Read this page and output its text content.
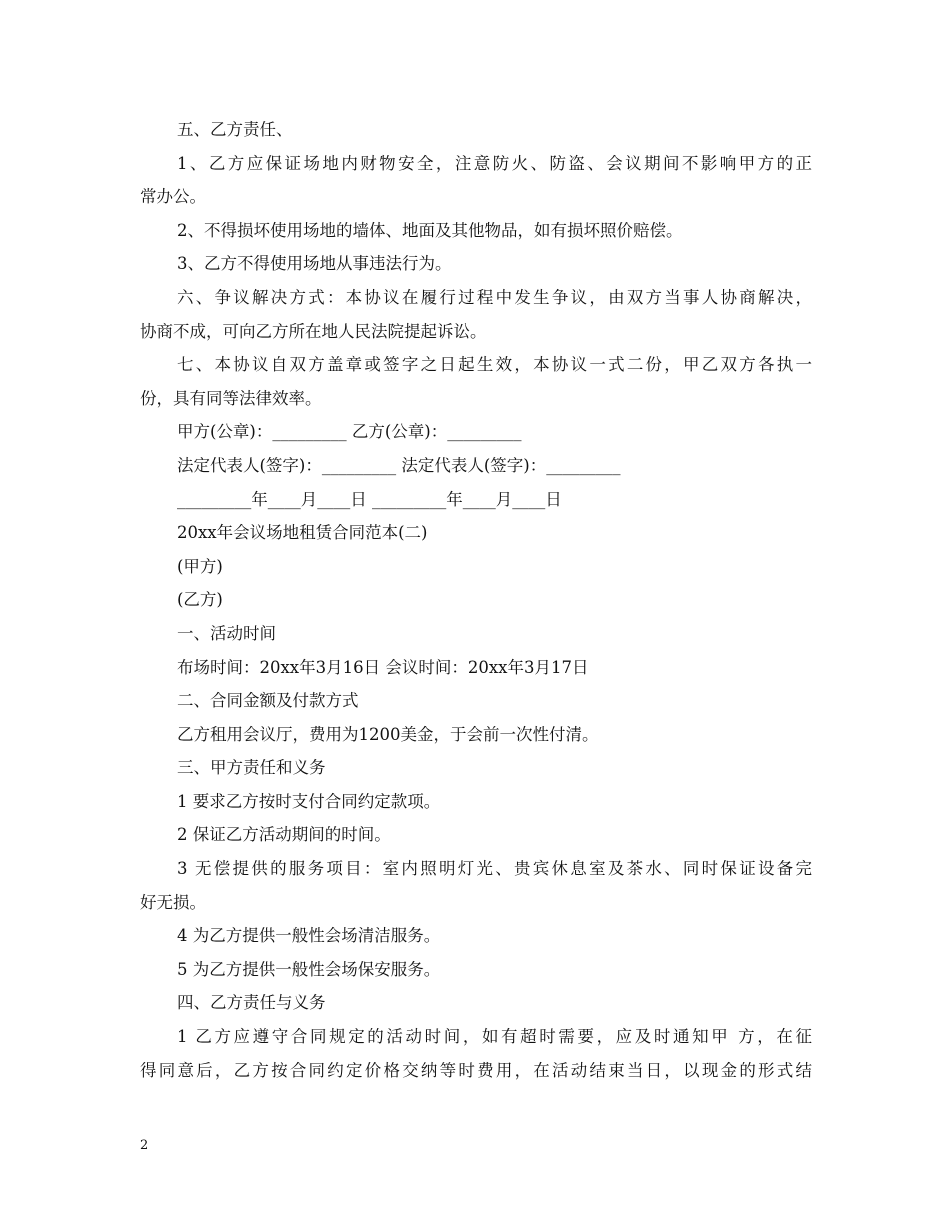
五、乙方责任、
1、乙方应保证场地内财物安全，注意防火、防盗、会议期间不影响甲方的正
常办公。
2、不得损坏使用场地的墙体、地面及其他物品，如有损坏照价赔偿。
3、乙方不得使用场地从事违法行为。
六、争议解决方式：本协议在履行过程中发生争议，由双方当事人协商解决，
协商不成，可向乙方所在地人民法院提起诉讼。
七、本协议自双方盖章或签字之日起生效，本协议一式二份，甲乙双方各执一
份，具有同等法律效率。
甲方(公章)：_________ 乙方(公章)：_________
法定代表人(签字)：_________ 法定代表人(签字)：_________
_________年____月____日 _________年____月____日
20xx年会议场地租赁合同范本(二)
(甲方)
(乙方)
一、活动时间
布场时间：20xx年3月16日 会议时间：20xx年3月17日
二、合同金额及付款方式
乙方租用会议厅，费用为1200美金，于会前一次性付清。
三、甲方责任和义务
1 要求乙方按时支付合同约定款项。
2 保证乙方活动期间的时间。
3 无偿提供的服务项目：室内照明灯光、贵宾休息室及茶水、同时保证设备完
好无损。
4 为乙方提供一般性会场清洁服务。
5 为乙方提供一般性会场保安服务。
四、乙方责任与义务
1 乙方应遵守合同规定的活动时间，如有超时需要，应及时通知甲 方，在征
得同意后，乙方按合同约定价格交纳等时费用，在活动结束当日，以现金的形式结
2
